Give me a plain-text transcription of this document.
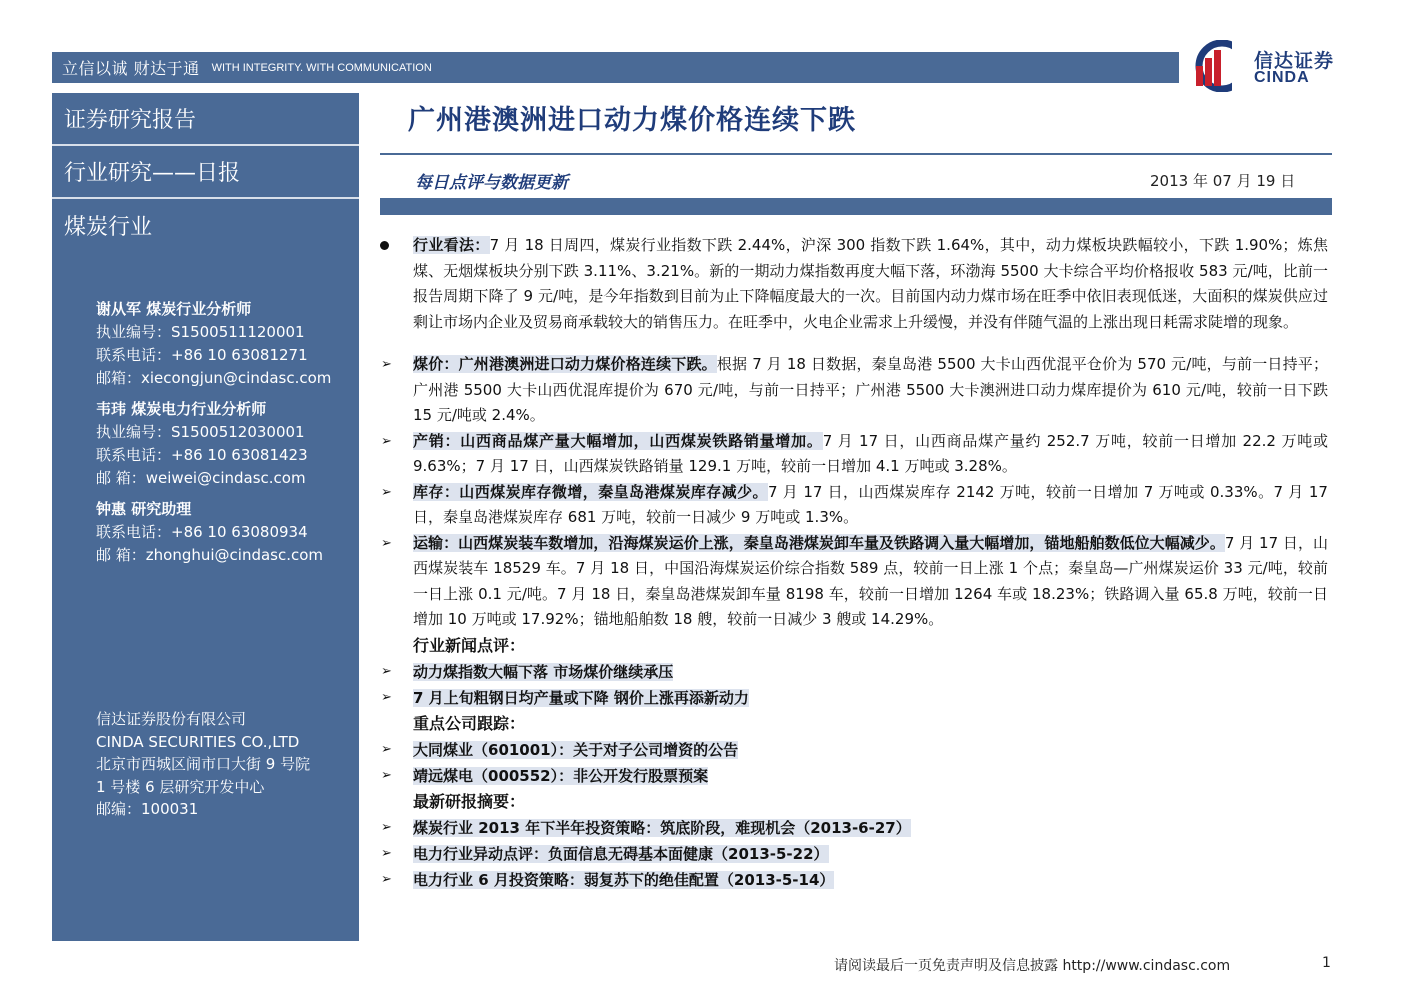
立信以诚 财达于通 WITH INTEGRITY. WITH COMMUNICATION	信达证券
CINDA
证券研究报告
行业研究——日报
煤炭行业
谢从军 煤炭行业分析师
执业编号：S1500511120001
联系电话：+86 10 63081271
邮箱：xiecongjun@cindasc.com
韦玮 煤炭电力行业分析师
执业编号：S1500512030001
联系电话：+86 10 63081423
邮 箱：weiwei@cindasc.com
钟惠 研究助理
联系电话：+86 10 63080934
邮 箱：zhonghui@cindasc.com
信达证券股份有限公司
CINDA SECURITIES CO.,LTD
北京市西城区闹市口大街 9 号院
1 号楼 6 层研究开发中心
邮编：100031
广州港澳洲进口动力煤价格连续下跌
每日点评与数据更新	2013 年 07 月 19 日
行业看法：7 月 18 日周四，煤炭行业指数下跌 2.44%，沪深 300 指数下跌 1.64%，其中，动力煤板块跌幅较小，下跌 1.90%；炼焦煤、无烟煤板块分别下跌 3.11%、3.21%。新的一期动力煤指数再度大幅下落，环渤海 5500 大卡综合平均价格报收 583 元/吨，比前一报告周期下降了 9 元/吨，是今年指数到目前为止下降幅度最大的一次。目前国内动力煤市场在旺季中依旧表现低迷，大面积的煤炭供应过剩让市场内企业及贸易商承载较大的销售压力。在旺季中，火电企业需求上升缓慢，并没有伴随气温的上涨出现日耗需求陡增的现象。
➢ 煤价：广州港澳洲进口动力煤价格连续下跌。根据 7 月 18 日数据，秦皇岛港 5500 大卡山西优混平仓价为 570 元/吨，与前一日持平；广州港 5500 大卡山西优混库提价为 670 元/吨，与前一日持平；广州港 5500 大卡澳洲进口动力煤库提价为 610 元/吨，较前一日下跌 15 元/吨或 2.4%。
➢ 产销：山西商品煤产量大幅增加，山西煤炭铁路销量增加。7 月 17 日，山西商品煤产量约 252.7 万吨，较前一日增加 22.2 万吨或 9.63%；7 月 17 日，山西煤炭铁路销量 129.1 万吨，较前一日增加 4.1 万吨或 3.28%。
➢ 库存：山西煤炭库存微增，秦皇岛港煤炭库存减少。7 月 17 日，山西煤炭库存 2142 万吨，较前一日增加 7 万吨或 0.33%。7 月 17 日，秦皇岛港煤炭库存 681 万吨，较前一日减少 9 万吨或 1.3%。
➢ 运输：山西煤炭装车数增加，沿海煤炭运价上涨，秦皇岛港煤炭卸车量及铁路调入量大幅增加，锚地船舶数低位大幅减少。7 月 17 日，山西煤炭装车 18529 车。7 月 18 日，中国沿海煤炭运价综合指数 589 点，较前一日上涨 1 个点；秦皇岛—广州煤炭运价 33 元/吨，较前一日上涨 0.1 元/吨。7 月 18 日，秦皇岛港煤炭卸车量 8198 车，较前一日增加 1264 车或 18.23%；铁路调入量 65.8 万吨，较前一日增加 10 万吨或 17.92%；锚地船舶数 18 艘，较前一日减少 3 艘或 14.29%。
行业新闻点评：
➢ 动力煤指数大幅下落 市场煤价继续承压
➢ 7 月上旬粗钢日均产量或下降 钢价上涨再添新动力
重点公司跟踪：
➢ 大同煤业（601001）：关于对子公司增资的公告
➢ 靖远煤电（000552）：非公开发行股票预案
最新研报摘要：
➢ 煤炭行业 2013 年下半年投资策略：筑底阶段，难现机会（2013-6-27）
➢ 电力行业异动点评：负面信息无碍基本面健康（2013-5-22）
➢ 电力行业 6 月投资策略：弱复苏下的绝佳配置（2013-5-14）
请阅读最后一页免责声明及信息披露 http://www.cindasc.com	1
